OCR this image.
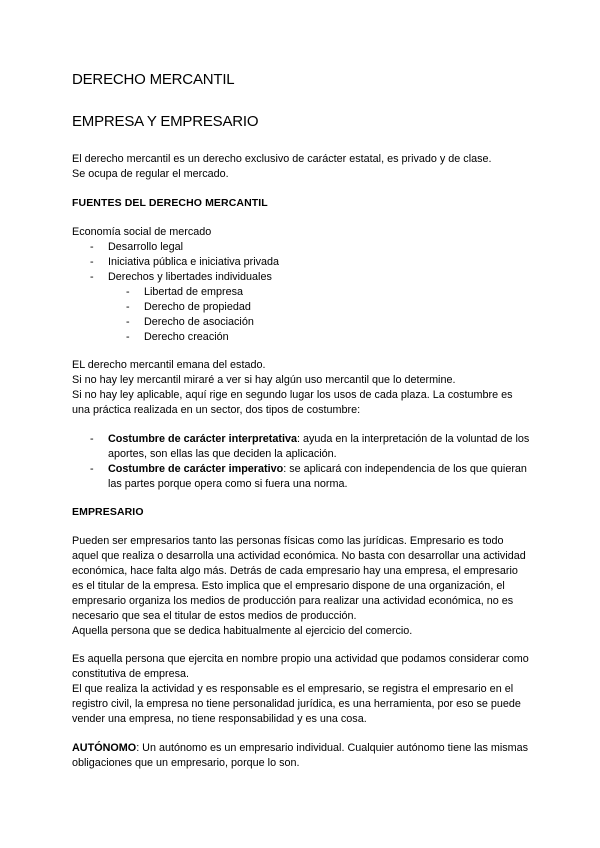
DERECHO MERCANTIL
EMPRESA Y EMPRESARIO

El derecho mercantil es un derecho exclusivo de carácter estatal, es privado y de clase.

Se ocupa de regular el mercado.

FUENTES DEL DERECHO MERCANTIL

Economía social de mercado

- Desarrollo legal
- Iniciativa pública e iniciativa privada
- Derechos y libertades individuales
- Libertad de empresa
- Derecho de propiedad
- Derecho de asociación
- Derecho creación

EL derecho mercantil emana del estado.

Si no hay ley mercantil miraré a ver si hay algún uso mercantil que lo determine.

Si no hay ley aplicable, aquí rige en segundo lugar los usos de cada plaza. La costumbre es una práctica realizada en un sector, dos tipos de costumbre:

- Costumbre de carácter interpretativa: ayuda en la interpretación de la voluntad de los aportes, son ellas las que deciden la aplicación.
- Costumbre de carácter imperativo: se aplicará con independencia de los que quieran las partes porque opera como si fuera una norma.
EMPRESARIO

Pueden ser empresarios tanto las personas físicas como las jurídicas. Empresario es todo aquel que realiza o desarrolla una actividad económica. No basta con desarrollar una actividad económica, hace falta algo más. Detrás de cada empresario hay una empresa, el empresario es el titular de la empresa. Esto implica que el empresario dispone de una organización, el empresario organiza los medios de producción para realizar una actividad económica, no es necesario que sea el titular de estos medios de producción.

Aquella persona que se dedica habitualmente al ejercicio del comercio.

Es aquella persona que ejercita en nombre propio una actividad que podamos considerar como constitutiva de empresa.

El que realiza la actividad y es responsable es el empresario, se registra el empresario en el registro civil, la empresa no tiene personalidad jurídica, es una herramienta, por eso se puede vender una empresa, no tiene responsabilidad y es una cosa.

AUTÓNOMO: Un autónomo es un empresario individual. Cualquier autónomo tiene las mismas obligaciones que un empresario, porque lo son.
